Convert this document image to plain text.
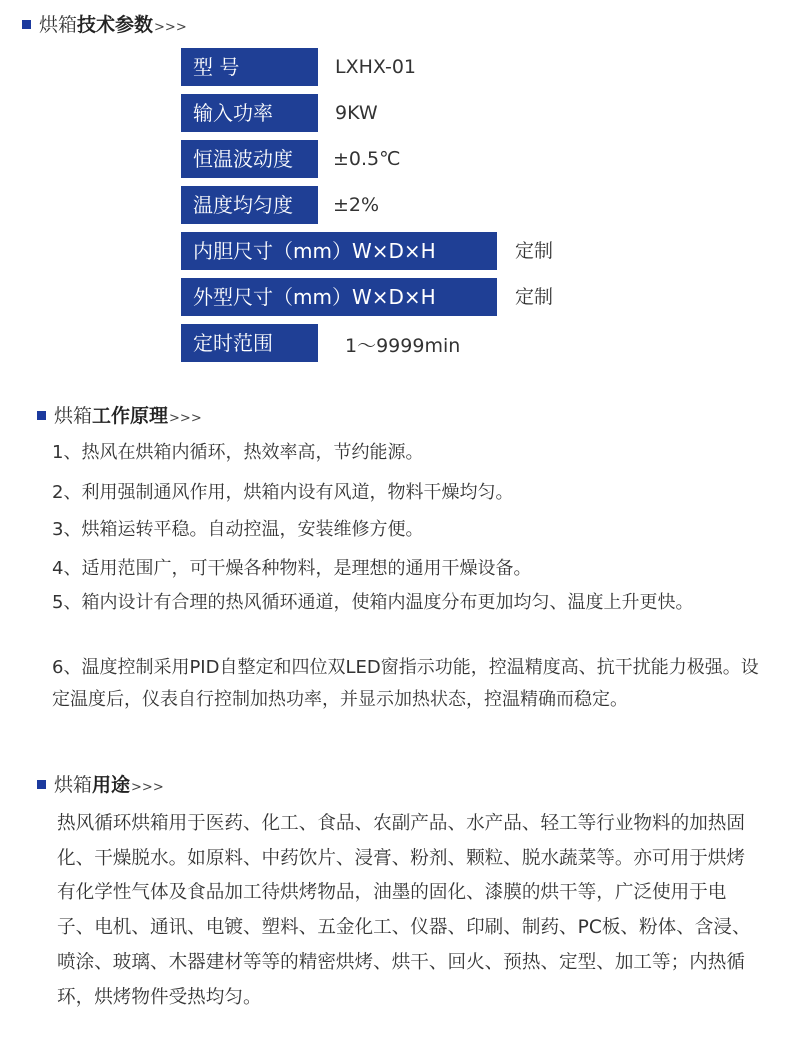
烘箱 技术参数 >>>
型 号	LXHX-01
输入功率	9KW
恒温波动度	±0.5℃
温度均匀度	±2%
内胆尺寸（mm）W×D×H	定制
外型尺寸（mm）W×D×H	定制
定时范围	1～9999min
烘箱 工作原理 >>>
1、热风在烘箱内循环，热效率高，节约能源。
2、利用强制通风作用，烘箱内设有风道，物料干燥均匀。
3、烘箱运转平稳。自动控温，安装维修方便。
4、适用范围广，可干燥各种物料，是理想的通用干燥设备。
5、箱内设计有合理的热风循环通道，使箱内温度分布更加均匀、温度上升更快。
6、温度控制采用PID自整定和四位双LED窗指示功能，控温精度高、抗干扰能力极强。设定温度后，仪表自行控制加热功率，并显示加热状态，控温精确而稳定。
烘箱 用途 >>>
热风循环烘箱用于医药、化工、食品、农副产品、水产品、轻工等行业物料的加热固化、干燥脱水。如原料、中药饮片、浸膏、粉剂、颗粒、脱水蔬菜等。亦可用于烘烤有化学性气体及食品加工待烘烤物品，油墨的固化、漆膜的烘干等，广泛使用于电子、电机、通讯、电镀、塑料、五金化工、仪器、印刷、制药、PC板、粉体、含浸、喷涂、玻璃、木器建材等等的精密烘烤、烘干、回火、预热、定型、加工等；内热循环，烘烤物件受热均匀。
